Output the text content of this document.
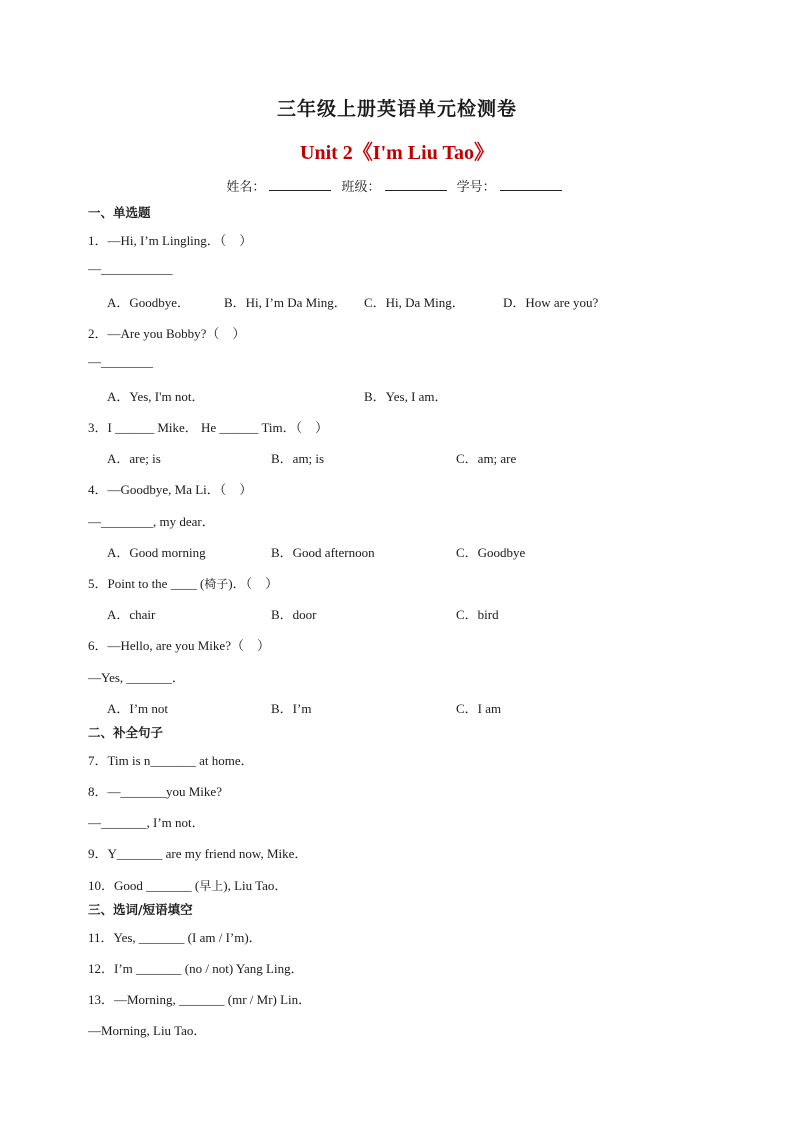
三年级上册英语单元检测卷
Unit 2《I'm Liu Tao》
姓名：	班级：	学号：
一、单选题
1．—Hi, I’m Lingling．（　）
—___________
A．Goodbye．	B．Hi, I’m Da Ming． C．Hi, Da Ming．	D．How are you?
2．—Are you Bobby?（　）
—________
A．Yes, I'm not．	B．Yes, I am．
3．I ______ Mike． He ______ Tim．（　）
A．are; is	B．am; is	C．am; are
4．—Goodbye, Ma Li．（　）
—________, my dear．
A．Good morning	B．Good afternoon	C．Goodbye
5．Point to the ____ (椅子)．（　）
A．chair	B．door	C．bird
6．—Hello, are you Mike?（　）
—Yes, _______．
A．I’m not	B．I’m	C．I am
二、补全句子
7．Tim is n_______ at home．
8．—_______you Mike?
—_______, I’m not．
9．Y_______ are my friend now, Mike．
10．Good _______ (早上), Liu Tao．
三、选词/短语填空
11．Yes, _______ (I am / I’m)．
12．I’m _______ (no / not) Yang Ling．
13．—Morning, _______ (mr / Mr) Lin．
—Morning, Liu Tao．
